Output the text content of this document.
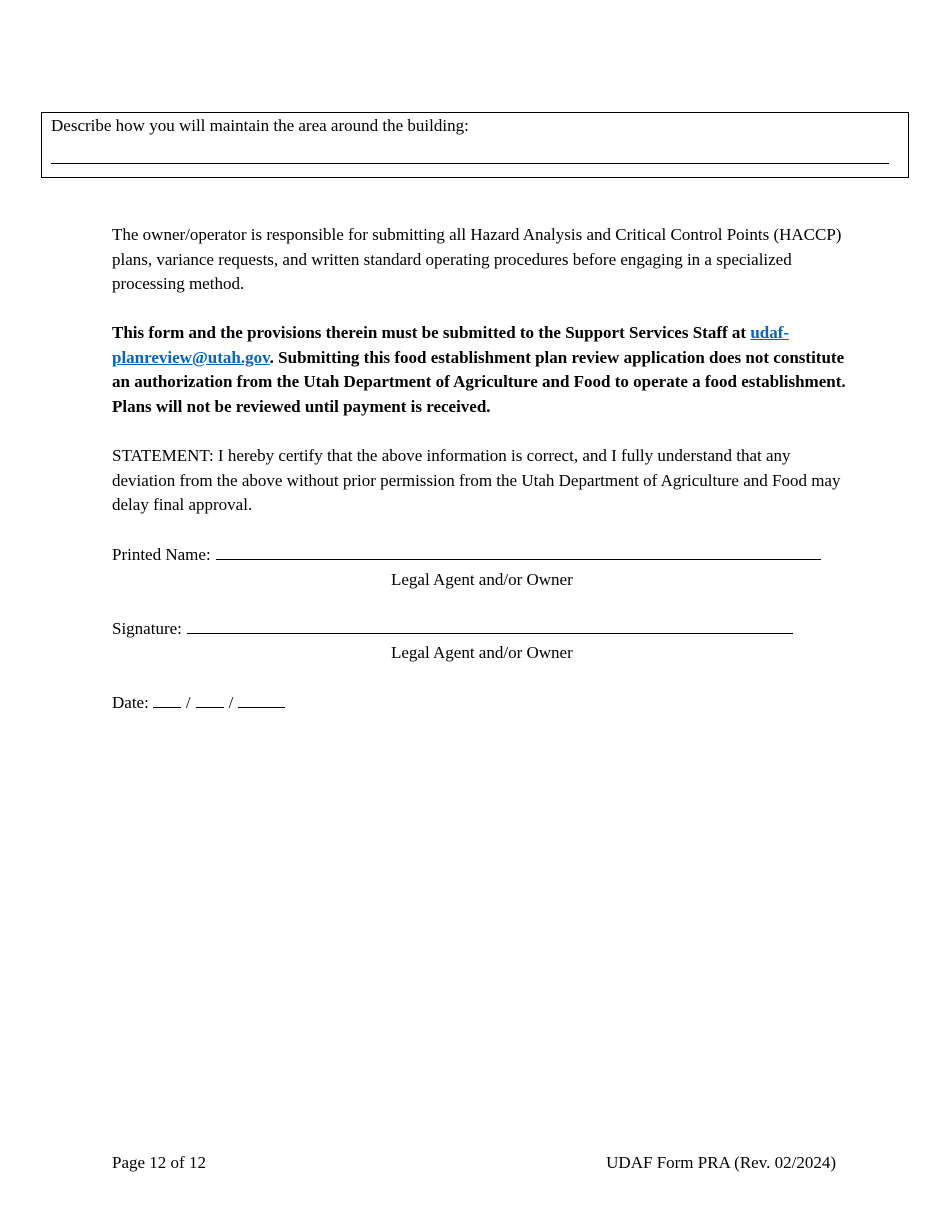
Describe how you will maintain the area around the building:

The owner/operator is responsible for submitting all Hazard Analysis and Critical Control Points (HACCP) plans, variance requests, and written standard operating procedures before engaging in a specialized processing method.

This form and the provisions therein must be submitted to the Support Services Staff at udaf-planreview@utah.gov. Submitting this food establishment plan review application does not constitute an authorization from the Utah Department of Agriculture and Food to operate a food establishment. Plans will not be reviewed until payment is received.

STATEMENT: I hereby certify that the above information is correct, and I fully understand that any deviation from the above without prior permission from the Utah Department of Agriculture and Food may delay final approval.

Printed Name:
Legal Agent and/or Owner
Signature:
Legal Agent and/or Owner
Date: / /
Page 12 of 12	UDAF Form PRA (Rev. 02/2024)
